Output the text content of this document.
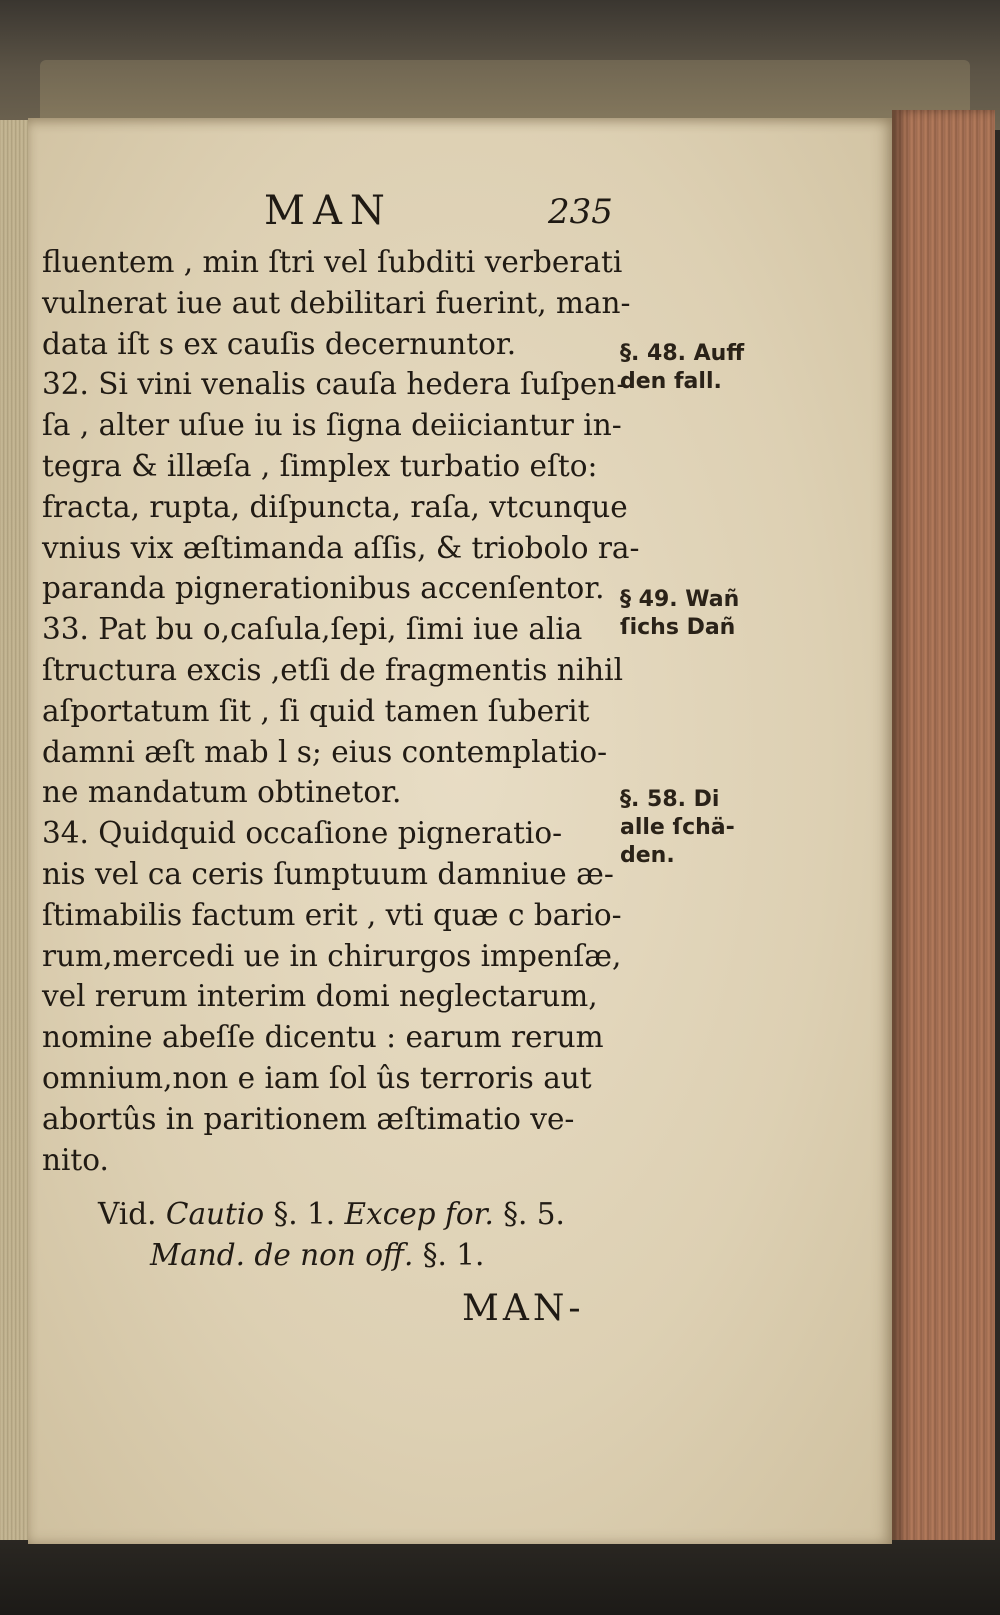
MAN	235
fluentem , min ſtri vel ſubditi verberati
vulnerat iue aut debilitari fuerint, man-
data iſt s ex cauſis decernuntor.
32. Si vini venalis cauſa hedera ſuſpen-
ſa , alter uſue iu is ſigna deiiciantur in-
tegra & illæſa , ſimplex turbatio eſto:
fracta, rupta, diſpuncta, raſa, vtcunque
vnius vix æſtimanda aſſis, & triobolo ra-
paranda pignerationibus accenſentor.
33. Pat bu o,caſula,ſepi, ſimi iue alia
ſtructura excis ,etſi de fragmentis nihil
aſportatum ſit , ſi quid tamen ſuberit
damni æſt mab l s; eius contemplatio-
ne mandatum obtinetor.
34. Quidquid occaſione pigneratio-
nis vel ca ceris ſumptuum damniue æ-
ſtimabilis factum erit , vti quæ c bario-
rum,mercedi ue in chirurgos impenſæ,
vel rerum interim domi neglectarum,
nomine abeſſe dicentu : earum rerum
omnium,non e iam ſol ûs terroris aut
abortûs in paritionem æſtimatio ve-
nito.
Vid. Cautio §. 1. Excep for. §. 5.
Mand. de non off. §. 1.
§. 48. Auff
den fall.
§ 49. Wañ
ſichs Dañ
§. 58. Di
alle ſchä-
den.
MAN-
